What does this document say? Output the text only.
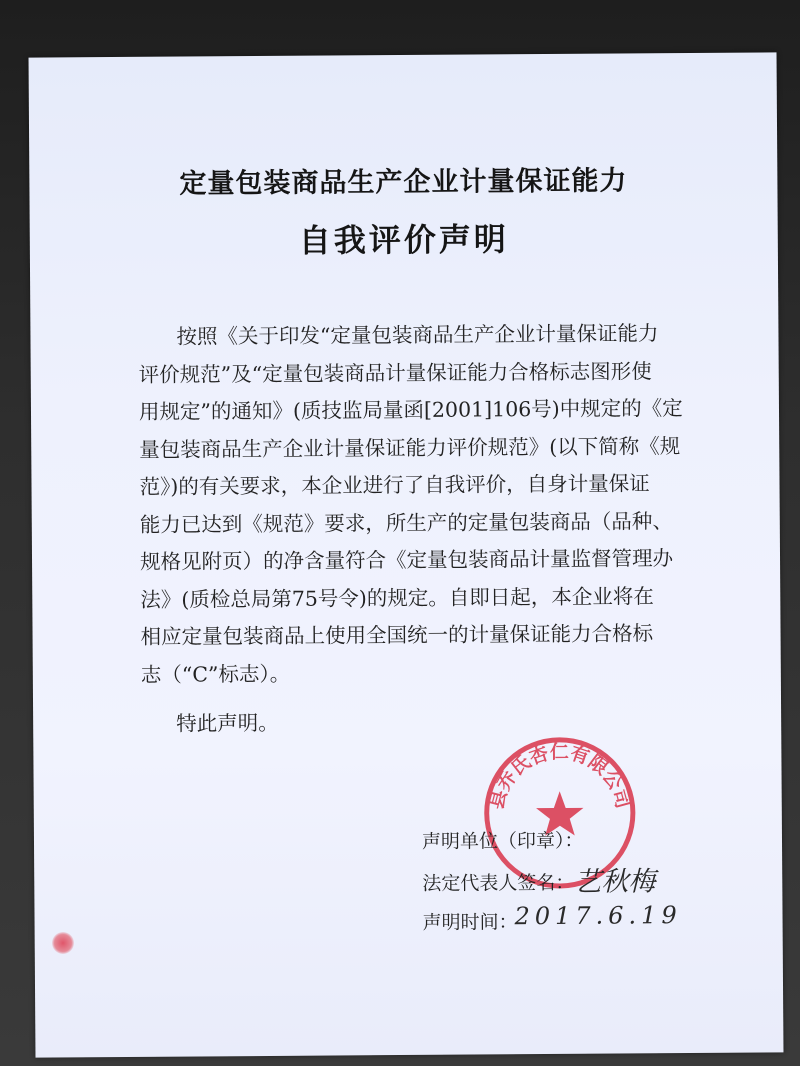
定量包装商品生产企业计量保证能力
自我评价声明
按照《关于印发“定量包装商品生产企业计量保证能力
评价规范”及“定量包装商品计量保证能力合格标志图形使
用规定”的通知》(质技监局量函[2001]106号)中规定的《定
量包装商品生产企业计量保证能力评价规范》(以下简称《规
范》)的有关要求，本企业进行了自我评价，自身计量保证
能力已达到《规范》要求，所生产的定量包装商品（品种、
规格见附页）的净含量符合《定量包装商品计量监督管理办
法》(质检总局第75号令)的规定。自即日起，本企业将在
相应定量包装商品上使用全国统一的计量保证能力合格标
志（“C”标志）。
特此声明。
县乔氏杏仁有限公司
声明单位（印章）：
法定代表人签名： 艺秋梅
声明时间：
2017.6.19
